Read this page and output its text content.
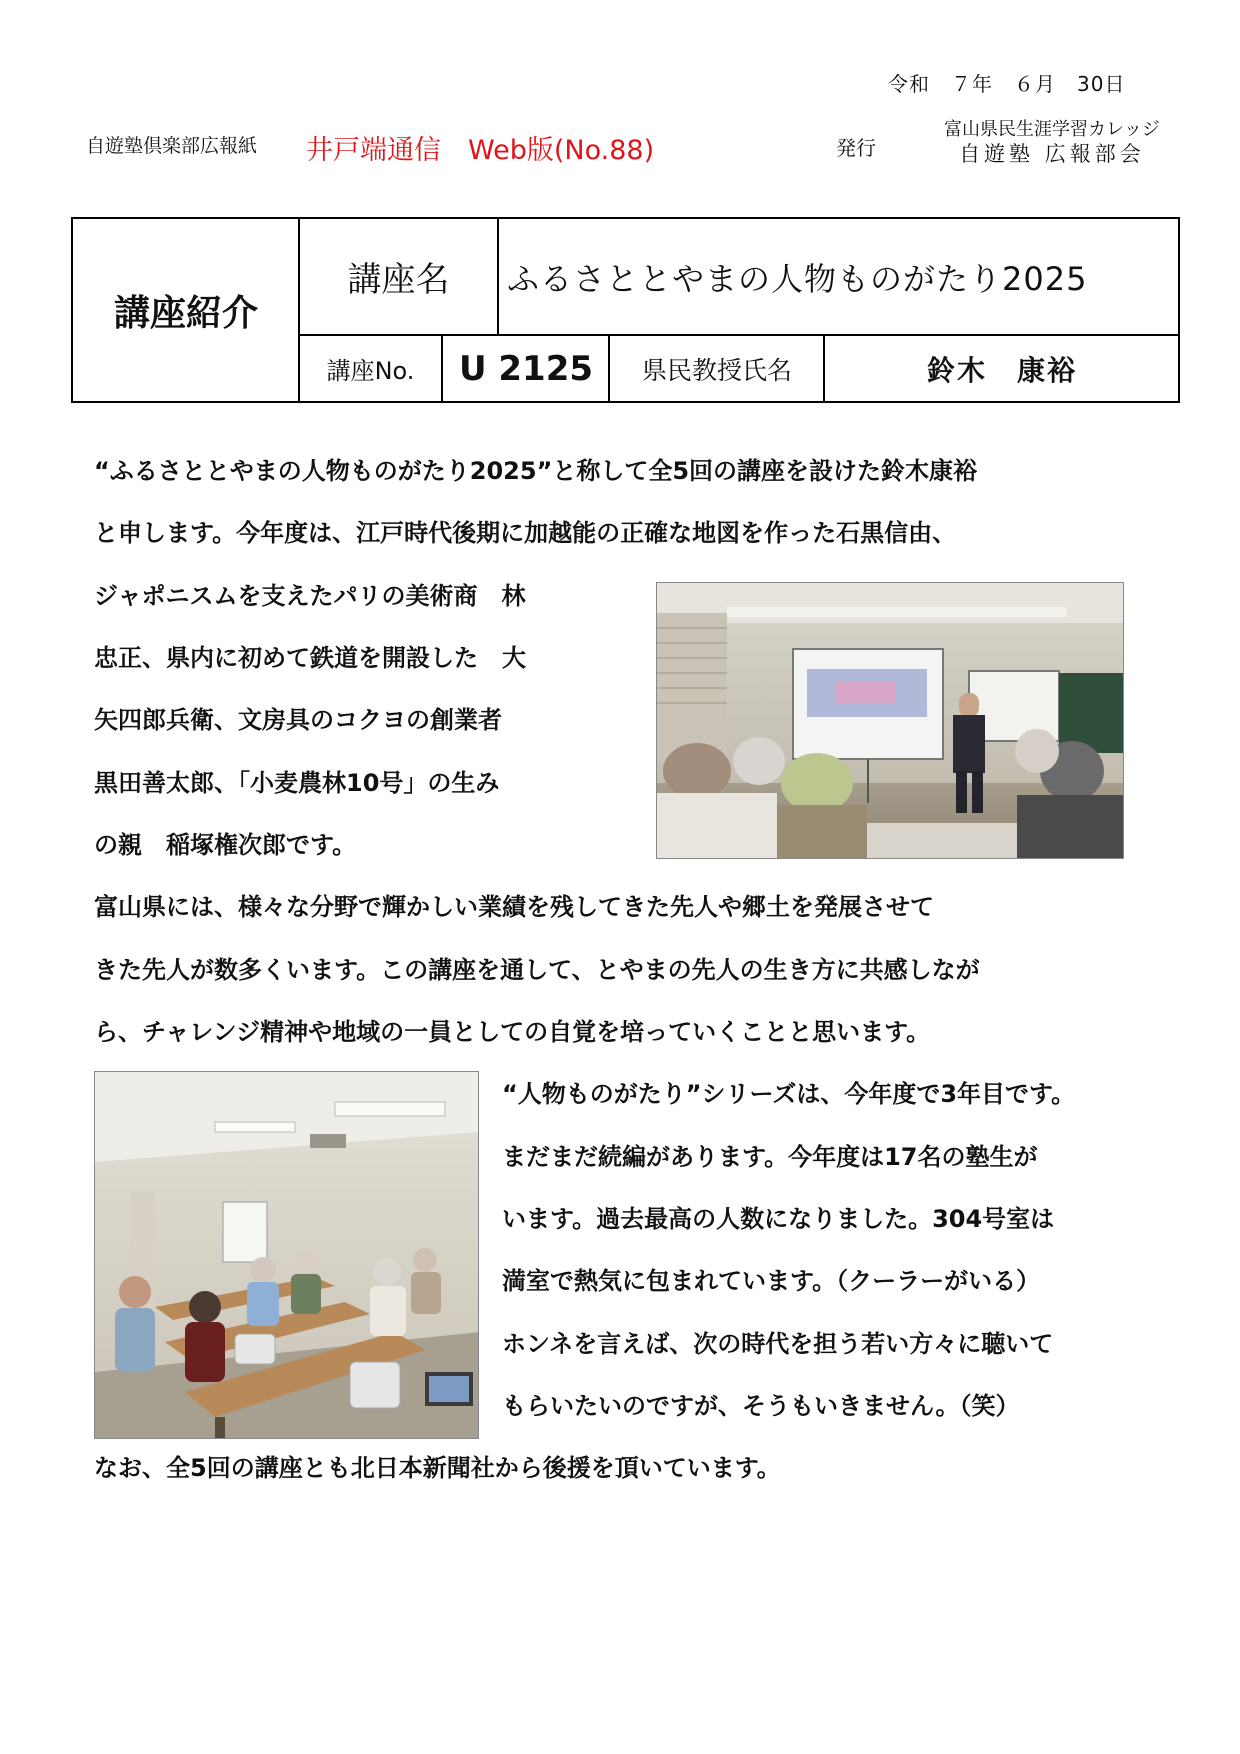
令和　７年　６月　30日
自遊塾倶楽部広報紙 井戸端通信　Web版(No.88)	発行
富山県民生涯学習カレッジ
自遊塾 広報部会
講座紹介
講座名	ふるさととやまの人物ものがたり2025
講座No.	U 2125	県民教授氏名	鈴木　康裕
“ふるさととやまの人物ものがたり2025”と称して全5回の講座を設けた鈴木康裕
と申します。今年度は、江戸時代後期に加越能の正確な地図を作った石黒信由、
ジャポニスムを支えたパリの美術商　林
忠正、県内に初めて鉄道を開設した　大
矢四郎兵衛、文房具のコクヨの創業者
黒田善太郎、「小麦農林10号」の生み
の親　稲塚権次郎です。
富山県には、様々な分野で輝かしい業績を残してきた先人や郷土を発展させて
きた先人が数多くいます。この講座を通して、とやまの先人の生き方に共感しなが
ら、チャレンジ精神や地域の一員としての自覚を培っていくことと思います。
“人物ものがたり”シリーズは、今年度で3年目です。
まだまだ続編があります。今年度は17名の塾生が
います。過去最高の人数になりました。304号室は
満室で熱気に包まれています。（クーラーがいる）
ホンネを言えば、次の時代を担う若い方々に聴いて
もらいたいのですが、そうもいきません。（笑）
なお、全5回の講座とも北日本新聞社から後援を頂いています。
